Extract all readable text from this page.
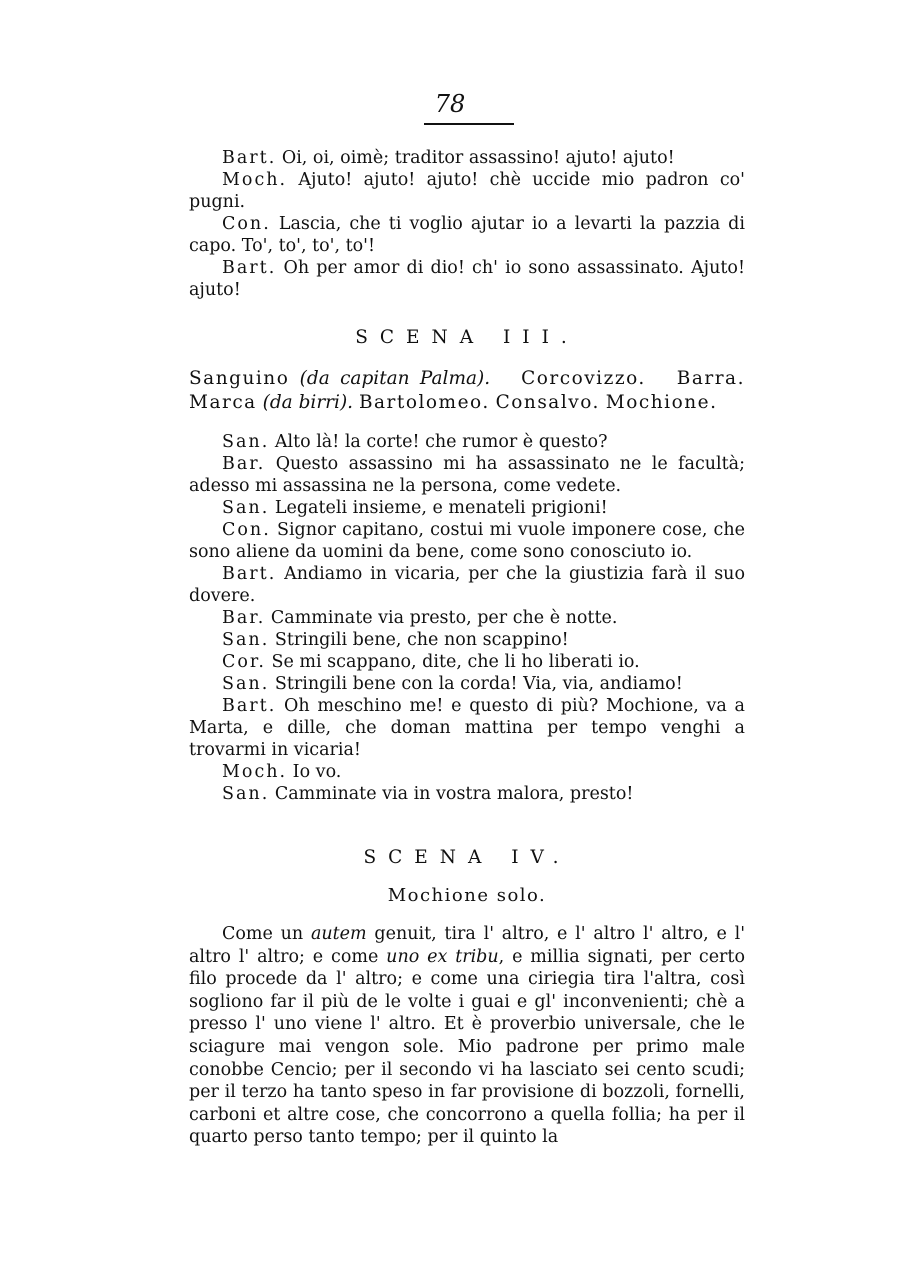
78

Bart. Oi, oi, oimè; traditor assassino! ajuto! ajuto!

Moch. Ajuto! ajuto! ajuto! chè uccide mio padron co' pugni.

Con. Lascia, che ti voglio ajutar io a levarti la pazzia di capo. To', to', to', to'!

Bart. Oh per amor di dio! ch' io sono assassinato. Ajuto! ajuto!

SCENA III.

Sanguino (da capitan Palma). Corcovizzo. Barra. Marca (da birri). Bartolomeo. Consalvo. Mochione.

San. Alto là! la corte! che rumor è questo?

Bar. Questo assassino mi ha assassinato ne le facultà; adesso mi assassina ne la persona, come vedete.

San. Legateli insieme, e menateli prigioni!

Con. Signor capitano, costui mi vuole imponere cose, che sono aliene da uomini da bene, come sono conosciuto io.

Bart. Andiamo in vicaria, per che la giustizia farà il suo dovere.

Bar. Camminate via presto, per che è notte.

San. Stringili bene, che non scappino!

Cor. Se mi scappano, dite, che li ho liberati io.

San. Stringili bene con la corda! Via, via, andiamo!

Bart. Oh meschino me! e questo di più? Mochione, va a Marta, e dille, che doman mattina per tempo venghi a trovarmi in vicaria!

Moch. Io vo.

San. Camminate via in vostra malora, presto!

SCENA IV.

Mochione solo.

Come un autem genuit, tira l' altro, e l' altro l' altro, e l' altro l' altro; e come uno ex tribu, e millia signati, per certo filo procede da l' altro; e come una ciriegia tira l'altra, così sogliono far il più de le volte i guai e gl' inconvenienti; chè a presso l' uno viene l' altro. Et è proverbio universale, che le sciagure mai vengon sole. Mio padrone per primo male conobbe Cencio; per il secondo vi ha lasciato sei cento scudi; per il terzo ha tanto speso in far provisione di bozzoli, fornelli, carboni et altre cose, che concorrono a quella follia; ha per il quarto perso tanto tempo; per il quinto la
